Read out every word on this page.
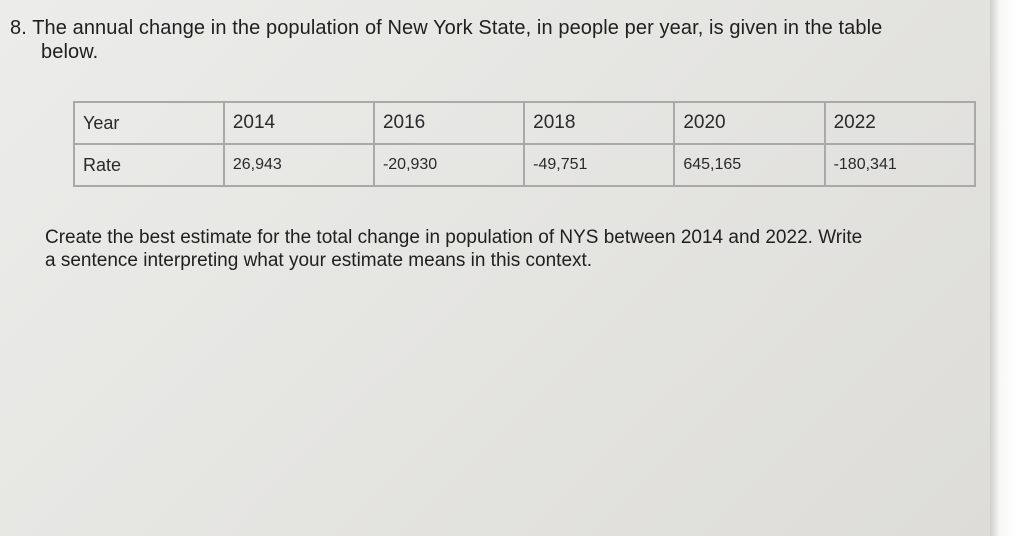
8. The annual change in the population of New York State, in people per year, is given in the table
below.
Year	2014	2016	2018	2020	2022
Rate	26,943	-20,930	-49,751	645,165	-180,341
Create the best estimate for the total change in population of NYS between 2014 and 2022. Write
a sentence interpreting what your estimate means in this context.
